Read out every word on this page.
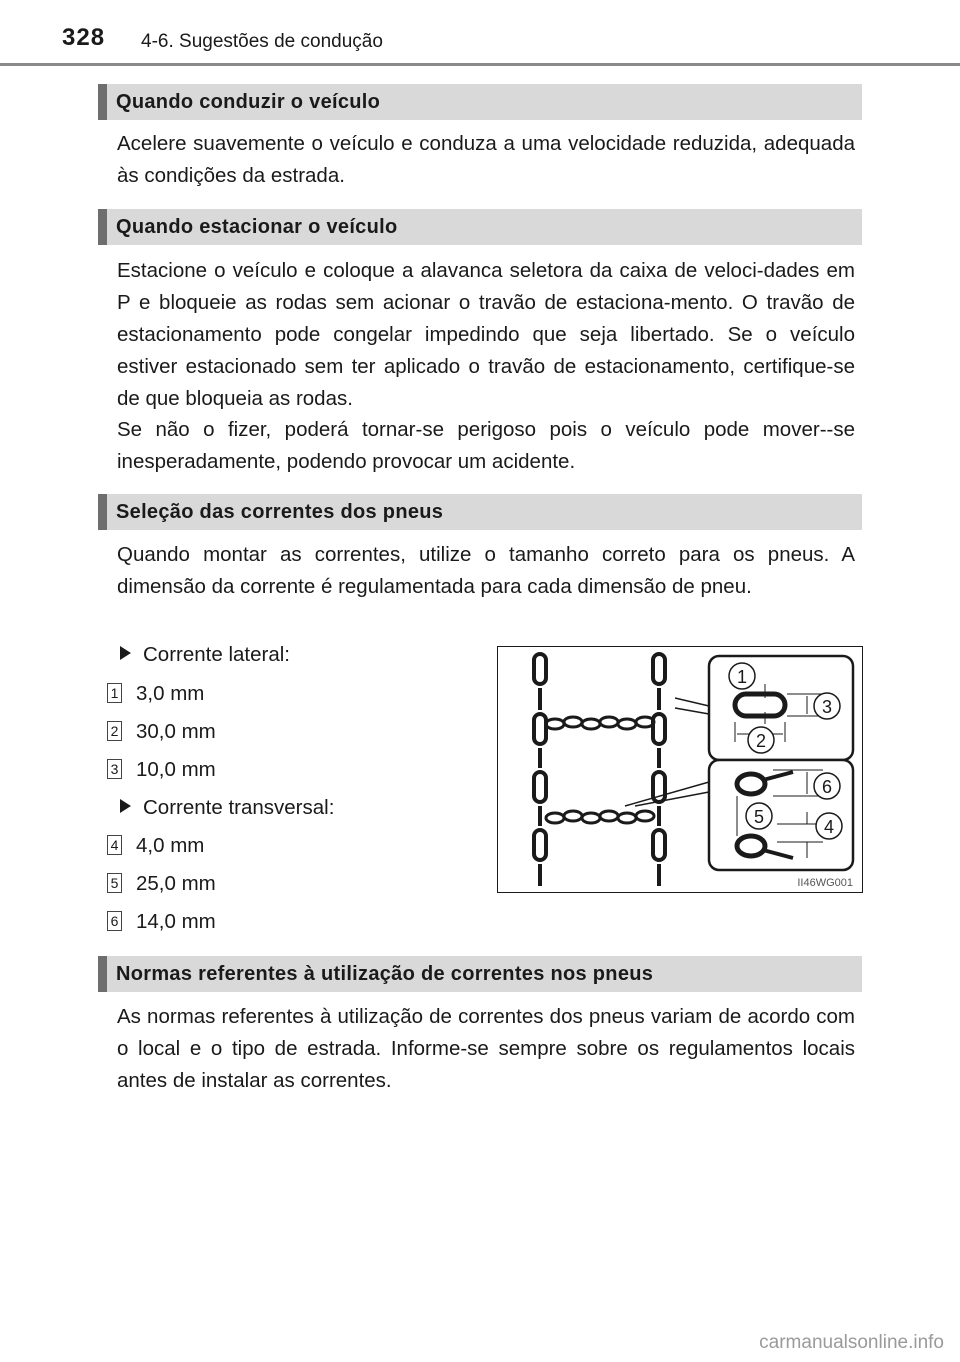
328 4-6. Sugestões de condução
Quando conduzir o veículo

Acelere suavemente o veículo e conduza a uma velocidade reduzida, adequada às condições da estrada.

Quando estacionar o veículo

Estacione o veículo e coloque a alavanca seletora da caixa de veloci-dades em P e bloqueie as rodas sem acionar o travão de estaciona-mento. O travão de estacionamento pode congelar impedindo que seja libertado. Se o veículo estiver estacionado sem ter aplicado o travão de estacionamento, certifique-se de que bloqueia as rodas.

Se não o fizer, poderá tornar-se perigoso pois o veículo pode mover--se inesperadamente, podendo provocar um acidente.

Seleção das correntes dos pneus

Quando montar as correntes, utilize o tamanho correto para os pneus. A dimensão da corrente é regulamentada para cada dimensão de pneu.

Corrente lateral:
1 3,0 mm
2 30,0 mm
3 10,0 mm
Corrente transversal:
4 4,0 mm
5 25,0 mm
6 14,0 mm
1
2
3
6
5	4
II46WG001
Normas referentes à utilização de correntes nos pneus

As normas referentes à utilização de correntes dos pneus variam de acordo com o local e o tipo de estrada. Informe-se sempre sobre os regulamentos locais antes de instalar as correntes.

carmanualsonline.info
